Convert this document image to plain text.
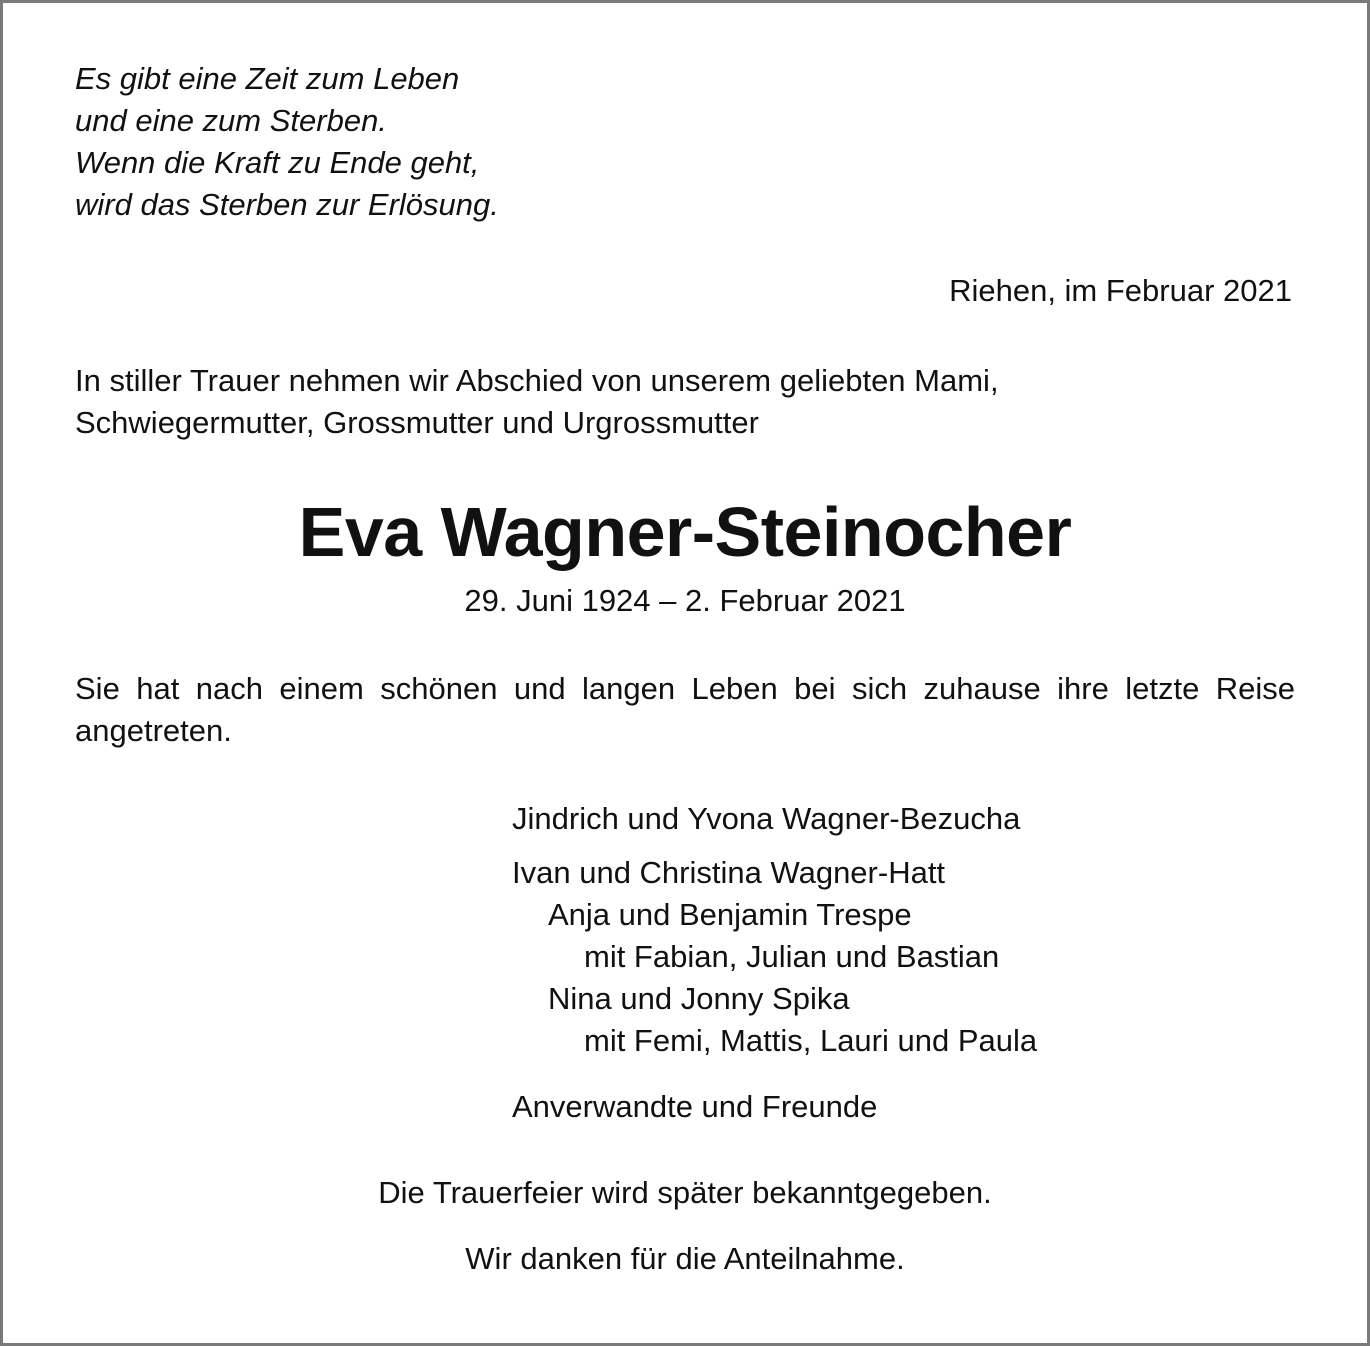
Es gibt eine Zeit zum Leben
und eine zum Sterben.
Wenn die Kraft zu Ende geht,
wird das Sterben zur Erlösung.
Riehen, im Februar 2021
In stiller Trauer nehmen wir Abschied von unserem geliebten Mami,
Schwiegermutter, Grossmutter und Urgrossmutter
Eva Wagner-Steinocher
29. Juni 1924 – 2. Februar 2021
Sie hat nach einem schönen und langen Leben bei sich zuhause ihre letzte Reise angetreten.
Jindrich und Yvona Wagner-Bezucha
Ivan und Christina Wagner-Hatt
Anja und Benjamin Trespe
mit Fabian, Julian und Bastian
Nina und Jonny Spika
mit Femi, Mattis, Lauri und Paula
Anverwandte und Freunde
Die Trauerfeier wird später bekanntgegeben.
Wir danken für die Anteilnahme.
